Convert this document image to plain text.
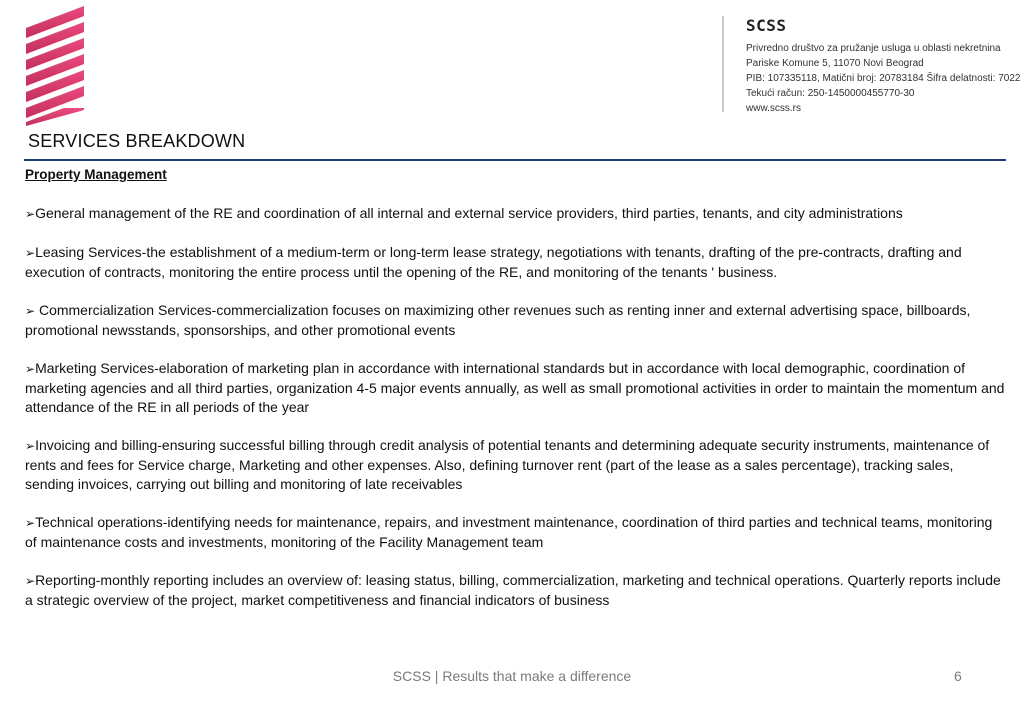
SCSS
Privredno društvo za pružanje usluga u oblasti nekretnina
Pariske Komune 5, 11070 Novi Beograd
PIB: 107335118, Matični broj: 20783184 Šifra delatnosti: 7022
Tekući račun: 250-1450000455770-30
www.scss.rs
SERVICES BREAKDOWN
Property Management
➢General management of the RE and coordination of all internal and external service providers, third parties, tenants, and city administrations
➢Leasing Services-the establishment of a medium-term or long-term lease strategy, negotiations with tenants, drafting of the pre-contracts, drafting and execution of contracts, monitoring the entire process until the opening of the RE, and monitoring of the tenants ' business.
➢ Commercialization Services-commercialization focuses on maximizing other revenues such as renting inner and external advertising space, billboards, promotional newsstands, sponsorships, and other promotional events
➢Marketing Services-elaboration of marketing plan in accordance with international standards but in accordance with local demographic, coordination of marketing agencies and all third parties, organization 4-5 major events annually, as well as small promotional activities in order to maintain the momentum and attendance of the RE in all periods of the year
➢Invoicing and billing-ensuring successful billing through credit analysis of potential tenants and determining adequate security instruments, maintenance of rents and fees for Service charge, Marketing and other expenses. Also, defining turnover rent (part of the lease as a sales percentage), tracking sales, sending invoices, carrying out billing and monitoring of late receivables
➢Technical operations-identifying needs for maintenance, repairs, and investment maintenance, coordination of third parties and technical teams, monitoring of maintenance costs and investments, monitoring of the Facility Management team
➢Reporting-monthly reporting includes an overview of: leasing status, billing, commercialization, marketing and technical operations. Quarterly reports include a strategic overview of the project, market competitiveness and financial indicators of business
SCSS | Results that make a difference	6
